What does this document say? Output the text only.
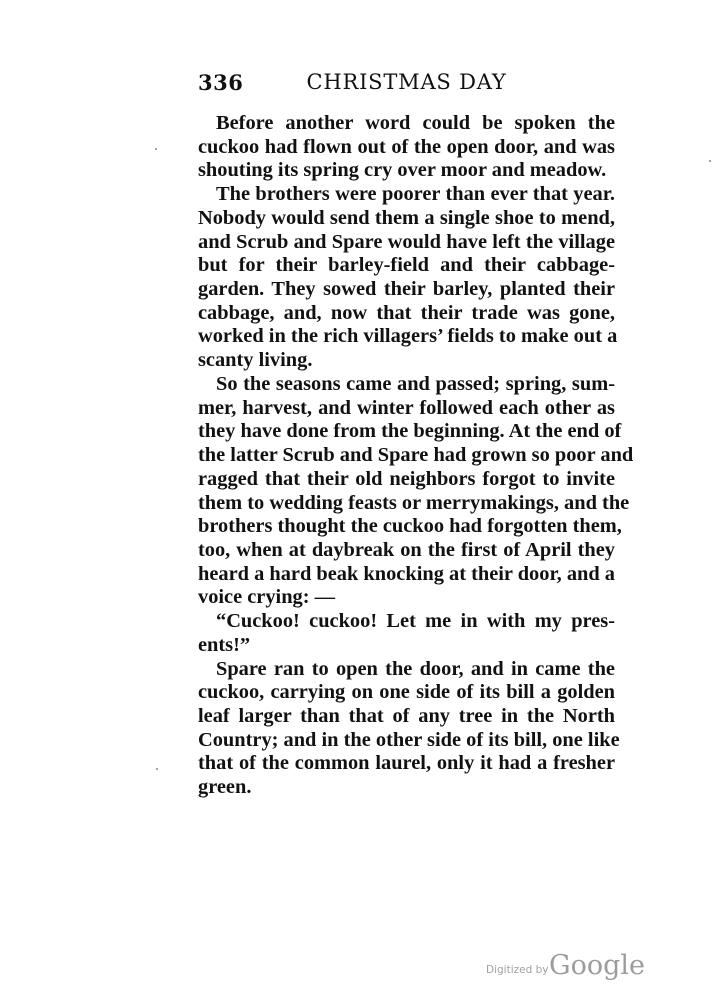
336	CHRISTMAS DAY
Before another word could be spoken the
cuckoo had flown out of the open door, and was
shouting its spring cry over moor and meadow.
The brothers were poorer than ever that year.
Nobody would send them a single shoe to mend,
and Scrub and Spare would have left the village
but for their barley-field and their cabbage-
garden. They sowed their barley, planted their
cabbage, and, now that their trade was gone,
worked in the rich villagers’ fields to make out a
scanty living.
So the seasons came and passed; spring, sum-
mer, harvest, and winter followed each other as
they have done from the beginning. At the end of
the latter Scrub and Spare had grown so poor and
ragged that their old neighbors forgot to invite
them to wedding feasts or merrymakings, and the
brothers thought the cuckoo had forgotten them,
too, when at daybreak on the first of April they
heard a hard beak knocking at their door, and a
voice crying: —
“Cuckoo! cuckoo! Let me in with my pres-
ents!”
Spare ran to open the door, and in came the
cuckoo, carrying on one side of its bill a golden
leaf larger than that of any tree in the North
Country; and in the other side of its bill, one like
that of the common laurel, only it had a fresher
green.
Digitized by Google
